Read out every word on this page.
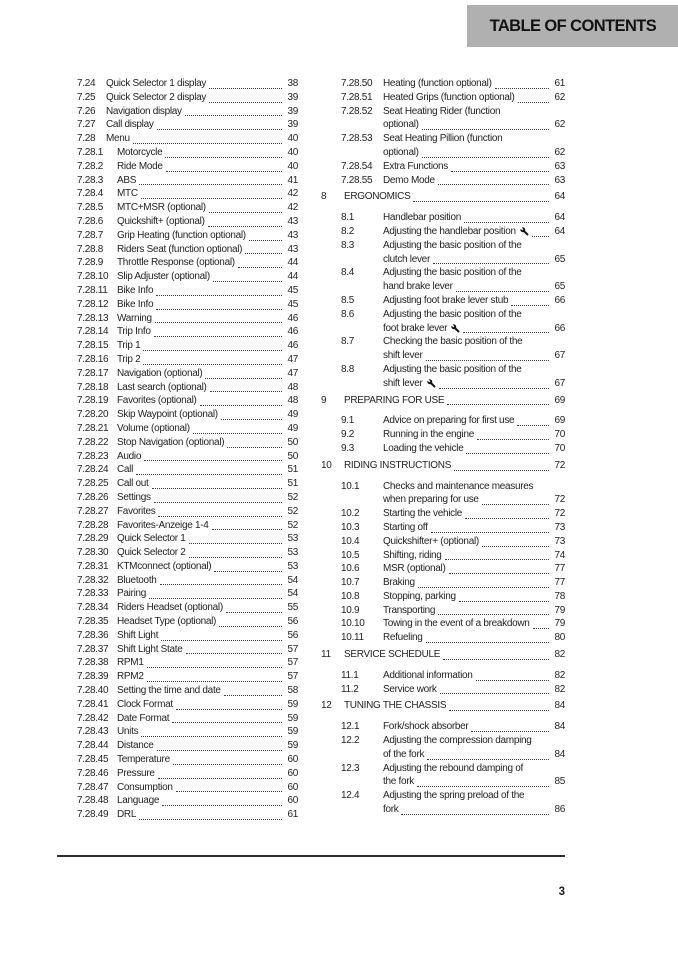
TABLE OF CONTENTS
7.24	Quick Selector 1 display	38
7.25	Quick Selector 2 display	39
7.26	Navigation display	39
7.27	Call display	39
7.28	Menu	40
7.28.1	Motorcycle	40
7.28.2	Ride Mode	40
7.28.3	ABS	41
7.28.4	MTC	42
7.28.5	MTC+MSR (optional)	42
7.28.6	Quickshift+ (optional)	43
7.28.7	Grip Heating (function optional)	43
7.28.8	Riders Seat (function optional)	43
7.28.9	Throttle Response (optional)	44
7.28.10 Slip Adjuster (optional)	44
7.28.11 Bike Info	45
7.28.12 Bike Info	45
7.28.13 Warning	46
7.28.14 Trip Info	46
7.28.15 Trip 1	46
7.28.16 Trip 2	47
7.28.17 Navigation (optional)	47
7.28.18 Last search (optional)	48
7.28.19 Favorites (optional)	48
7.28.20 Skip Waypoint (optional)	49
7.28.21 Volume (optional)	49
7.28.22 Stop Navigation (optional)	50
7.28.23 Audio	50
7.28.24 Call	51
7.28.25 Call out	51
7.28.26 Settings	52
7.28.27 Favorites	52
7.28.28 Favorites-Anzeige 1-4	52
7.28.29 Quick Selector 1	53
7.28.30 Quick Selector 2	53
7.28.31 KTMconnect (optional)	53
7.28.32 Bluetooth	54
7.28.33 Pairing	54
7.28.34 Riders Headset (optional)	55
7.28.35 Headset Type (optional)	56
7.28.36 Shift Light	56
7.28.37 Shift Light State	57
7.28.38 RPM1	57
7.28.39 RPM2	57
7.28.40 Setting the time and date	58
7.28.41 Clock Format	59
7.28.42 Date Format	59
7.28.43 Units	59
7.28.44 Distance	59
7.28.45 Temperature	60
7.28.46 Pressure	60
7.28.47 Consumption	60
7.28.48 Language	60
7.28.49 DRL	61
7.28.50	Heating (function optional)	61
7.28.51	Heated Grips (function optional)	62
7.28.52	Seat Heating Rider (function
optional)	62
7.28.53	Seat Heating Pillion (function
optional)	62
7.28.54	Extra Functions	63
7.28.55	Demo Mode	63
8	ERGONOMICS	64
8.1	Handlebar position	64
8.2	Adjusting the handlebar position	64
8.3	Adjusting the basic position of the
clutch lever	65
8.4	Adjusting the basic position of the
hand brake lever	65
8.5	Adjusting foot brake lever stub	66
8.6	Adjusting the basic position of the
foot brake lever	66
8.7	Checking the basic position of the
shift lever	67
8.8	Adjusting the basic position of the
shift lever	67
9	PREPARING FOR USE	69
9.1	Advice on preparing for first use	69
9.2	Running in the engine	70
9.3	Loading the vehicle	70
10	RIDING INSTRUCTIONS	72
10.1	Checks and maintenance measures
when preparing for use	72
10.2	Starting the vehicle	72
10.3	Starting off	73
10.4	Quickshifter+ (optional)	73
10.5	Shifting, riding	74
10.6	MSR (optional)	77
10.7	Braking	77
10.8	Stopping, parking	78
10.9	Transporting	79
10.10	Towing in the event of a breakdown 79
10.11	Refueling	80
11	SERVICE SCHEDULE	82
11.1	Additional information	82
11.2	Service work	82
12	TUNING THE CHASSIS	84
12.1	Fork/shock absorber	84
12.2	Adjusting the compression damping
of the fork	84
12.3	Adjusting the rebound damping of
the fork	85
12.4	Adjusting the spring preload of the
fork	86
3
